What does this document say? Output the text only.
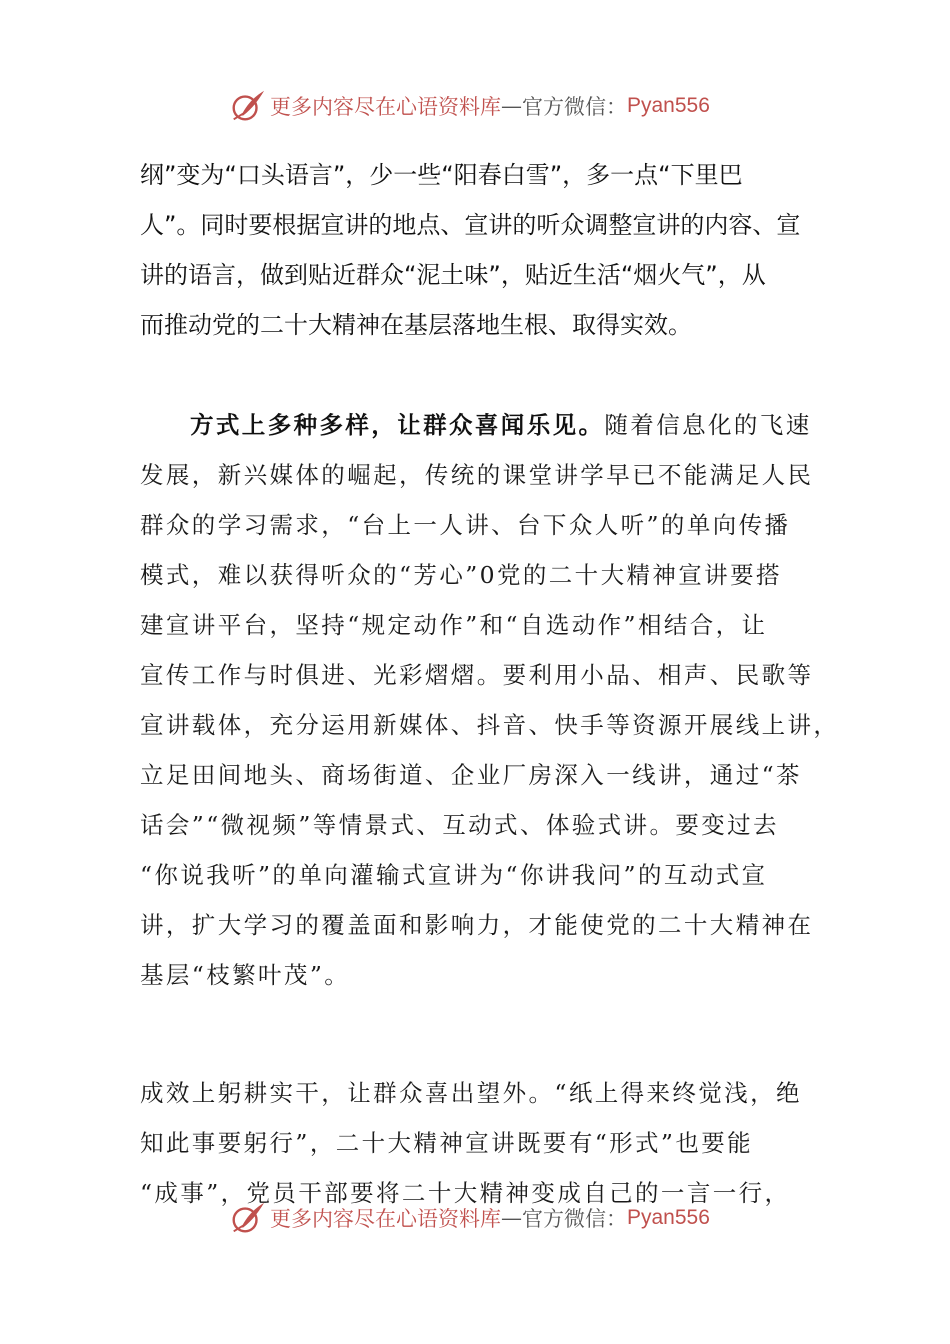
更多内容尽在心语资料库 — 官方微信： Pyan556
纲”变为“口头语言”，少一些“阳春白雪”，多一点“下里巴
人”。同时要根据宣讲的地点、宣讲的听众调整宣讲的内容、宣
讲的语言，做到贴近群众“泥土味”，贴近生活“烟火气”，从
而推动党的二十大精神在基层落地生根、取得实效。
方式上多种多样，让群众喜闻乐见。随着信息化的飞速
发展，新兴媒体的崛起，传统的课堂讲学早已不能满足人民
群众的学习需求，“台上一人讲、台下众人听”的单向传播
模式，难以获得听众的“芳心”0党的二十大精神宣讲要搭
建宣讲平台，坚持“规定动作”和“自选动作”相结合，让
宣传工作与时俱进、光彩熠熠。要利用小品、相声、民歌等
宣讲载体，充分运用新媒体、抖音、快手等资源开展线上讲，
立足田间地头、商场街道、企业厂房深入一线讲，通过“茶
话会”“微视频”等情景式、互动式、体验式讲。要变过去
“你说我听”的单向灌输式宣讲为“你讲我问”的互动式宣
讲，扩大学习的覆盖面和影响力，才能使党的二十大精神在
基层“枝繁叶茂”。
成效上躬耕实干，让群众喜出望外。“纸上得来终觉浅，绝
知此事要躬行”，二十大精神宣讲既要有“形式”也要能
“成事”，党员干部要将二十大精神变成自己的一言一行，
更多内容尽在心语资料库 — 官方微信： Pyan556
